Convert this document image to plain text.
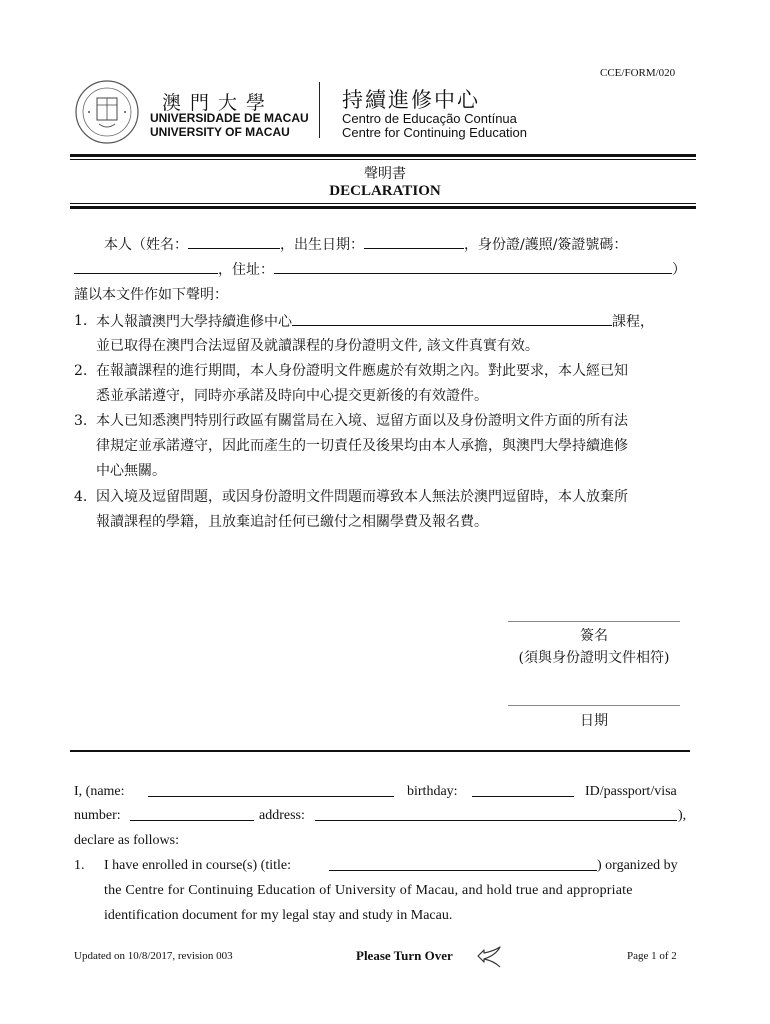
CCE/FORM/020
澳門大學
UNIVERSIDADE DE MACAU
UNIVERSITY OF MACAU
持續進修中心
Centro de Educação Contínua
Centre for Continuing Education
聲明書
DECLARATION
本人（姓名：	，出生日期：	，身份證/護照/簽證號碼：
，住址：	）
謹以本文件作如下聲明：
1. 本人報讀澳門大學持續進修中心	課程，
並已取得在澳門合法逗留及就讀課程的身份證明文件, 該文件真實有效。
2. 在報讀課程的進行期間，本人身份證明文件應處於有效期之內。對此要求，本人經已知
悉並承諾遵守，同時亦承諾及時向中心提交更新後的有效證件。
3. 本人已知悉澳門特別行政區有關當局在入境、逗留方面以及身份證明文件方面的所有法
律規定並承諾遵守，因此而產生的一切責任及後果均由本人承擔，與澳門大學持續進修
中心無關。
4. 因入境及逗留問題，或因身份證明文件問題而導致本人無法於澳門逗留時，本人放棄所
報讀課程的學籍，且放棄追討任何已繳付之相關學費及報名費。
簽名
(須與身份證明文件相符)
日期
I, (name:	birthday:	ID/passport/visa
number:	address:	),
declare as follows:
1. I have enrolled in course(s) (title:	) organized by
the Centre for Continuing Education of University of Macau, and hold true and appropriate
identification document for my legal stay and study in Macau.
Updated on 10/8/2017, revision 003	Please Turn Over	Page 1 of 2
